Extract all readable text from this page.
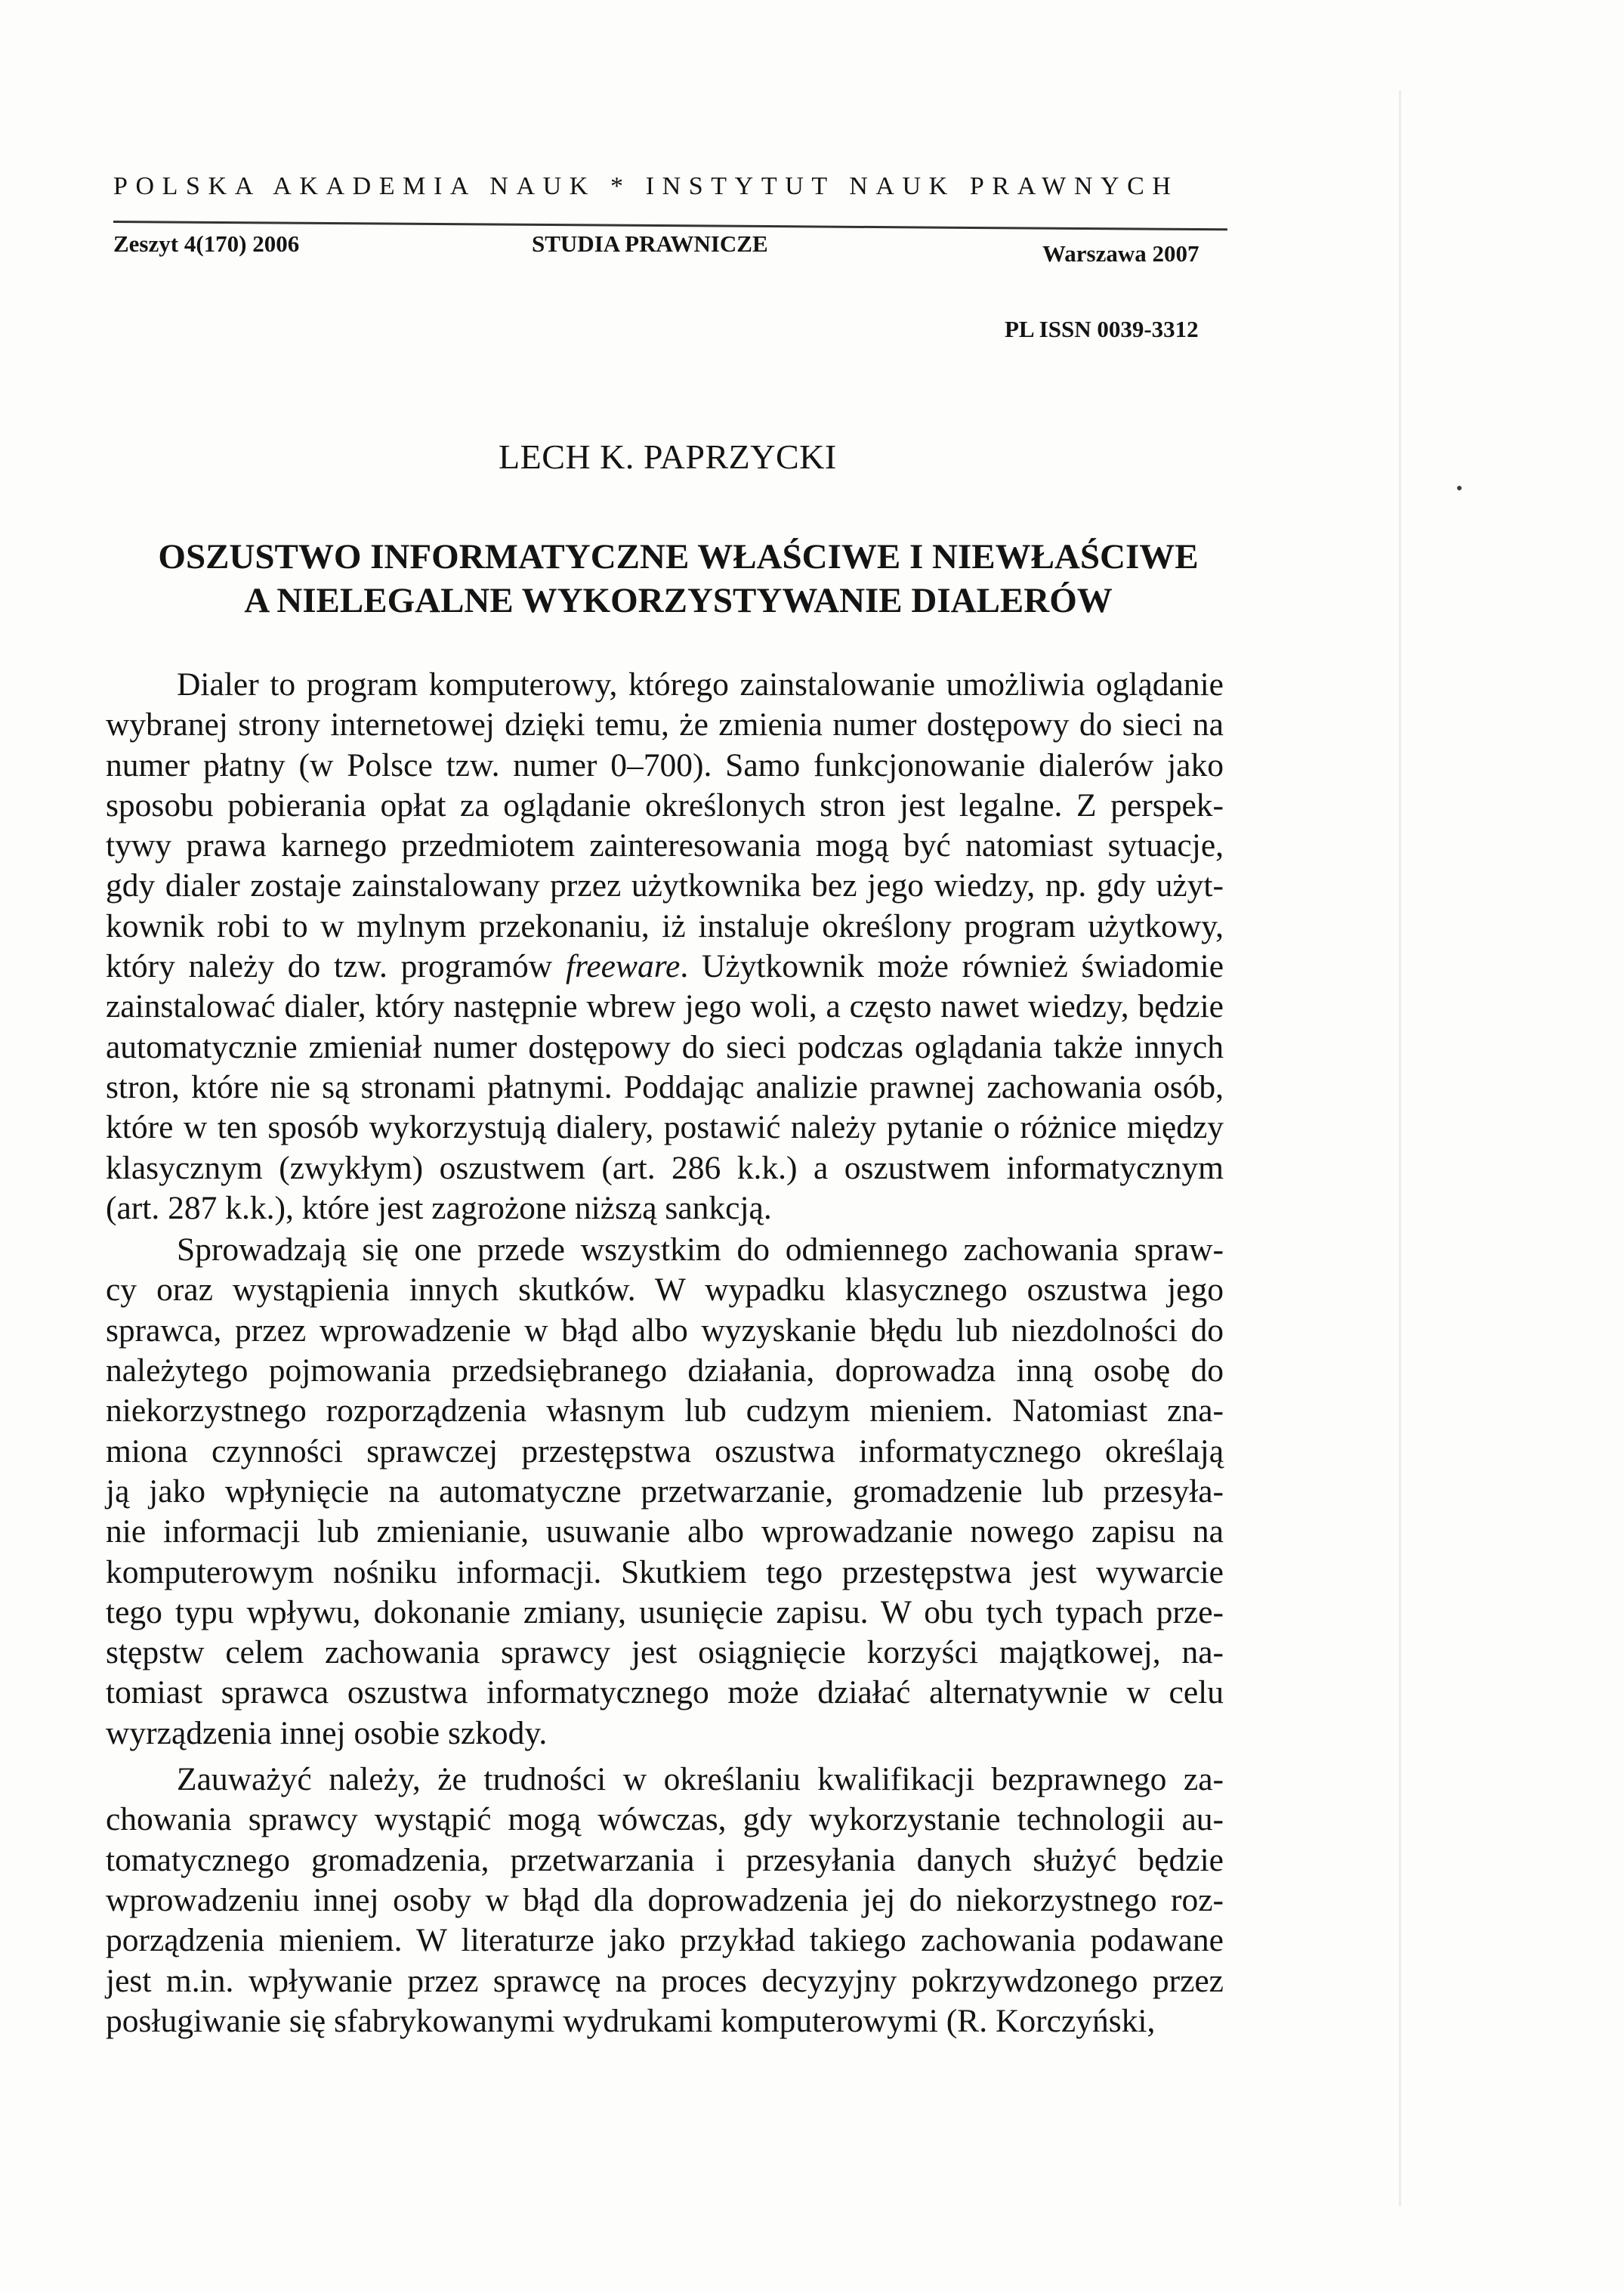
POLSKA AKADEMIA NAUK * INSTYTUT NAUK PRAWNYCH
Zeszyt 4(170) 2006	STUDIA PRAWNICZE	Warszawa 2007
PL ISSN 0039-3312
LECH K. PAPRZYCKI
OSZUSTWO INFORMATYCZNE WŁAŚCIWE I NIEWŁAŚCIWE
A NIELEGALNE WYKORZYSTYWANIE DIALERÓW
Dialer to program komputerowy, którego zainstalowanie umożliwia oglądanie
wybranej strony internetowej dzięki temu, że zmienia numer dostępowy do sieci na
numer płatny (w Polsce tzw. numer 0–700). Samo funkcjonowanie dialerów jako
sposobu pobierania opłat za oglądanie określonych stron jest legalne. Z perspek-
tywy prawa karnego przedmiotem zainteresowania mogą być natomiast sytuacje,
gdy dialer zostaje zainstalowany przez użytkownika bez jego wiedzy, np. gdy użyt-
kownik robi to w mylnym przekonaniu, iż instaluje określony program użytkowy,
który należy do tzw. programów freeware. Użytkownik może również świadomie
zainstalować dialer, który następnie wbrew jego woli, a często nawet wiedzy, będzie
automatycznie zmieniał numer dostępowy do sieci podczas oglądania także innych
stron, które nie są stronami płatnymi. Poddając analizie prawnej zachowania osób,
które w ten sposób wykorzystują dialery, postawić należy pytanie o różnice między
klasycznym (zwykłym) oszustwem (art. 286 k.k.) a oszustwem informatycznym
(art. 287 k.k.), które jest zagrożone niższą sankcją.
Sprowadzają się one przede wszystkim do odmiennego zachowania spraw-
cy oraz wystąpienia innych skutków. W wypadku klasycznego oszustwa jego
sprawca, przez wprowadzenie w błąd albo wyzyskanie błędu lub niezdolności do
należytego pojmowania przedsiębranego działania, doprowadza inną osobę do
niekorzystnego rozporządzenia własnym lub cudzym mieniem. Natomiast zna-
miona czynności sprawczej przestępstwa oszustwa informatycznego określają
ją jako wpłynięcie na automatyczne przetwarzanie, gromadzenie lub przesyła-
nie informacji lub zmienianie, usuwanie albo wprowadzanie nowego zapisu na
komputerowym nośniku informacji. Skutkiem tego przestępstwa jest wywarcie
tego typu wpływu, dokonanie zmiany, usunięcie zapisu. W obu tych typach prze-
stępstw celem zachowania sprawcy jest osiągnięcie korzyści majątkowej, na-
tomiast sprawca oszustwa informatycznego może działać alternatywnie w celu
wyrządzenia innej osobie szkody.
Zauważyć należy, że trudności w określaniu kwalifikacji bezprawnego za-
chowania sprawcy wystąpić mogą wówczas, gdy wykorzystanie technologii au-
tomatycznego gromadzenia, przetwarzania i przesyłania danych służyć będzie
wprowadzeniu innej osoby w błąd dla doprowadzenia jej do niekorzystnego roz-
porządzenia mieniem. W literaturze jako przykład takiego zachowania podawane
jest m.in. wpływanie przez sprawcę na proces decyzyjny pokrzywdzonego przez
posługiwanie się sfabrykowanymi wydrukami komputerowymi (R. Korczyński,
